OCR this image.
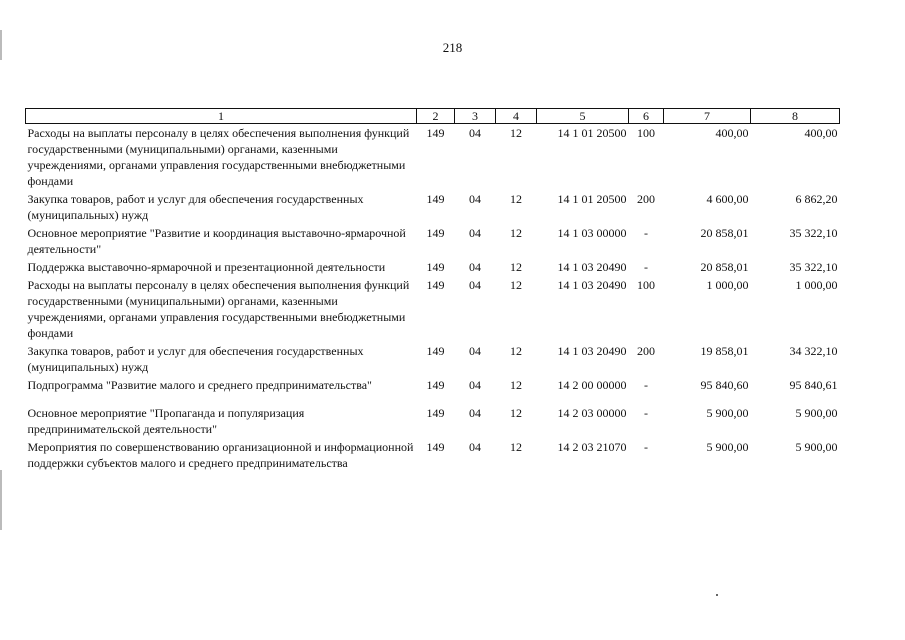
218
1	2	3	4	5	6	7	8
Расходы на выплаты персоналу в целях обеспечения выполнения функций государственными (муниципальными) органами, казенными учреждениями, органами управления государственными внебюджетными фондами	149	04	12	14 1 01 20500	100	400,00	400,00
Закупка товаров, работ и услуг для обеспечения государственных (муниципальных) нужд	149	04	12	14 1 01 20500	200	4 600,00	6 862,20
Основное мероприятие "Развитие и координация выставочно-ярмарочной деятельности"	149	04	12	14 1 03 00000	-	20 858,01	35 322,10
Поддержка выставочно-ярмарочной и презентационной деятельности	149	04	12	14 1 03 20490	-	20 858,01	35 322,10
Расходы на выплаты персоналу в целях обеспечения выполнения функций государственными (муниципальными) органами, казенными учреждениями, органами управления государственными внебюджетными фондами	149	04	12	14 1 03 20490	100	1 000,00	1 000,00
Закупка товаров, работ и услуг для обеспечения государственных (муниципальных) нужд	149	04	12	14 1 03 20490	200	19 858,01	34 322,10
Подпрограмма "Развитие малого и среднего предпринимательства"	149	04	12	14 2 00 00000	-	95 840,60	95 840,61

Основное мероприятие "Пропаганда и популяризация предпринимательской деятельности"	149	04	12	14 2 03 00000	-	5 900,00	5 900,00
Мероприятия по совершенствованию организационной и информационной поддержки субъектов малого и среднего предпринимательства	149	04	12	14 2 03 21070	-	5 900,00	5 900,00
